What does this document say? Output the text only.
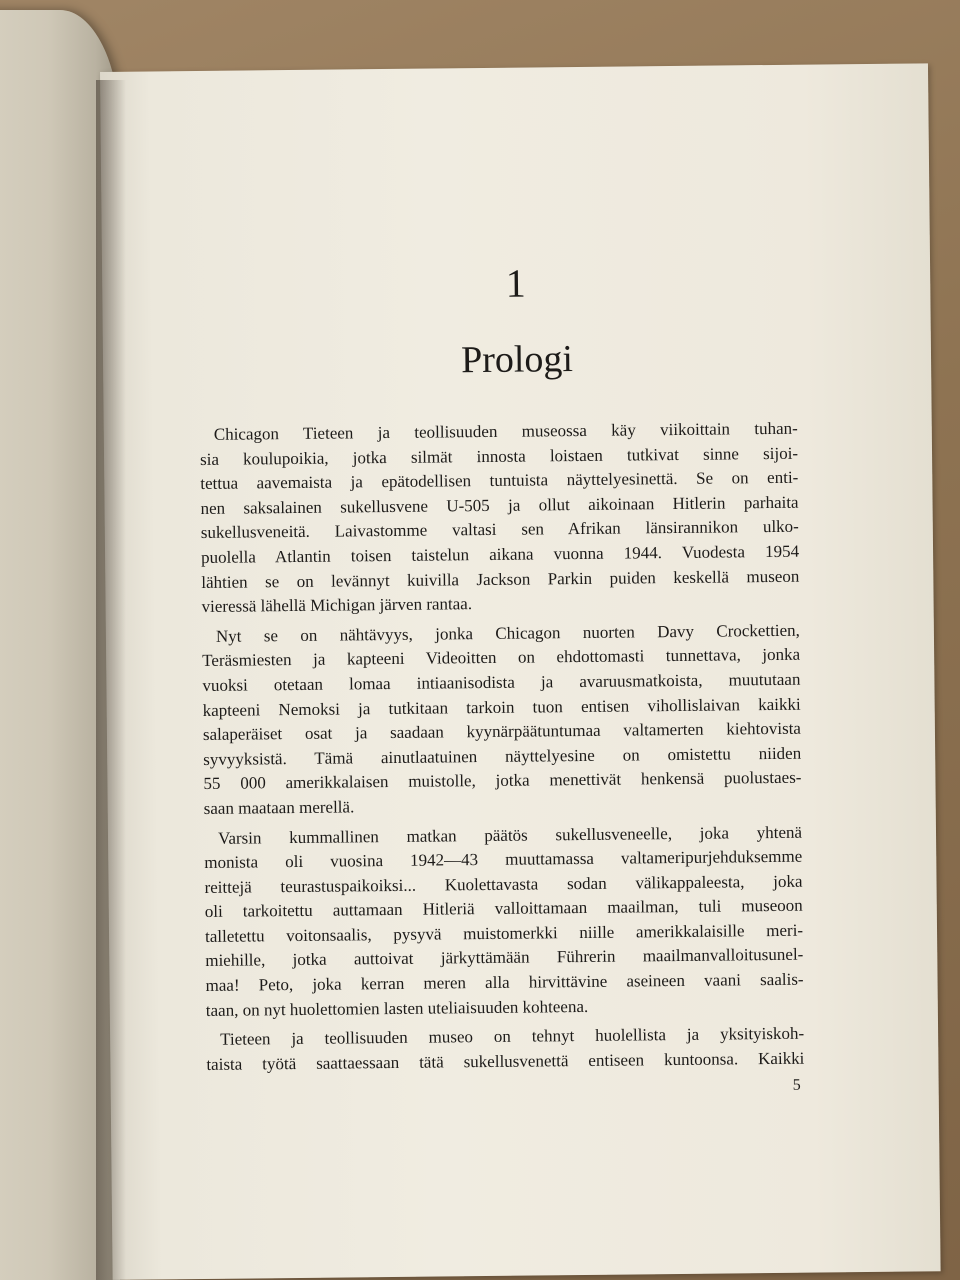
1
Prologi
Chicagon Tieteen ja teollisuuden museossa käy viikoittain tuhan-
sia koulupoikia, jotka silmät innosta loistaen tutkivat sinne sijoi-
tettua aavemaista ja epätodellisen tuntuista näyttelyesinettä. Se on enti-
nen saksalainen sukellusvene U-505 ja ollut aikoinaan Hitlerin parhaita
sukellusveneitä. Laivastomme valtasi sen Afrikan länsirannikon ulko-
puolella Atlantin toisen taistelun aikana vuonna 1944. Vuodesta 1954
lähtien se on levännyt kuivilla Jackson Parkin puiden keskellä museon
vieressä lähellä Michigan järven rantaa.
Nyt se on nähtävyys, jonka Chicagon nuorten Davy Crockettien,
Teräsmiesten ja kapteeni Videoitten on ehdottomasti tunnettava, jonka
vuoksi otetaan lomaa intiaanisodista ja avaruusmatkoista, muututaan
kapteeni Nemoksi ja tutkitaan tarkoin tuon entisen vihollislaivan kaikki
salaperäiset osat ja saadaan kyynärpäätuntumaa valtamerten kiehtovista
syvyyksistä. Tämä ainutlaatuinen näyttelyesine on omistettu niiden
55 000 amerikkalaisen muistolle, jotka menettivät henkensä puolustaes-
saan maataan merellä.
Varsin kummallinen matkan päätös sukellusveneelle, joka yhtenä
monista oli vuosina 1942—43 muuttamassa valtameripurjehduksemme
reittejä teurastuspaikoiksi... Kuolettavasta sodan välikappaleesta, joka
oli tarkoitettu auttamaan Hitleriä valloittamaan maailman, tuli museoon
talletettu voitonsaalis, pysyvä muistomerkki niille amerikkalaisille meri-
miehille, jotka auttoivat järkyttämään Führerin maailmanvalloitusunel-
maa! Peto, joka kerran meren alla hirvittävine aseineen vaani saalis-
taan, on nyt huolettomien lasten uteliaisuuden kohteena.
Tieteen ja teollisuuden museo on tehnyt huolellista ja yksityiskoh-
taista työtä saattaessaan tätä sukellusvenettä entiseen kuntoonsa. Kaikki
5
